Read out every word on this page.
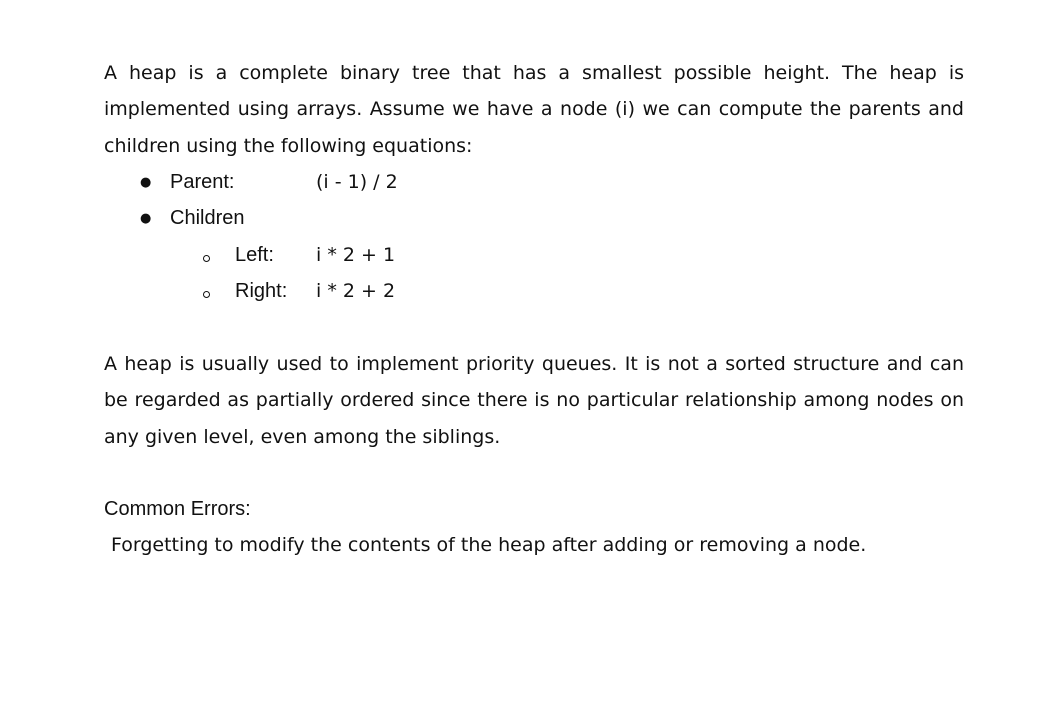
A heap is a complete binary tree that has a smallest possible height. The heap is implemented using arrays. Assume we have a node (i) we can compute the parents and children using the following equations:

● Parent:	(i - 1) / 2
● Children
Left: i * 2 + 1
Right: i * 2 + 2

A heap is usually used to implement priority queues. It is not a sorted structure and can be regarded as partially ordered since there is no particular relationship among nodes on any given level, even among the siblings.

Common Errors:

Forgetting to modify the contents of the heap after adding or removing a node.
